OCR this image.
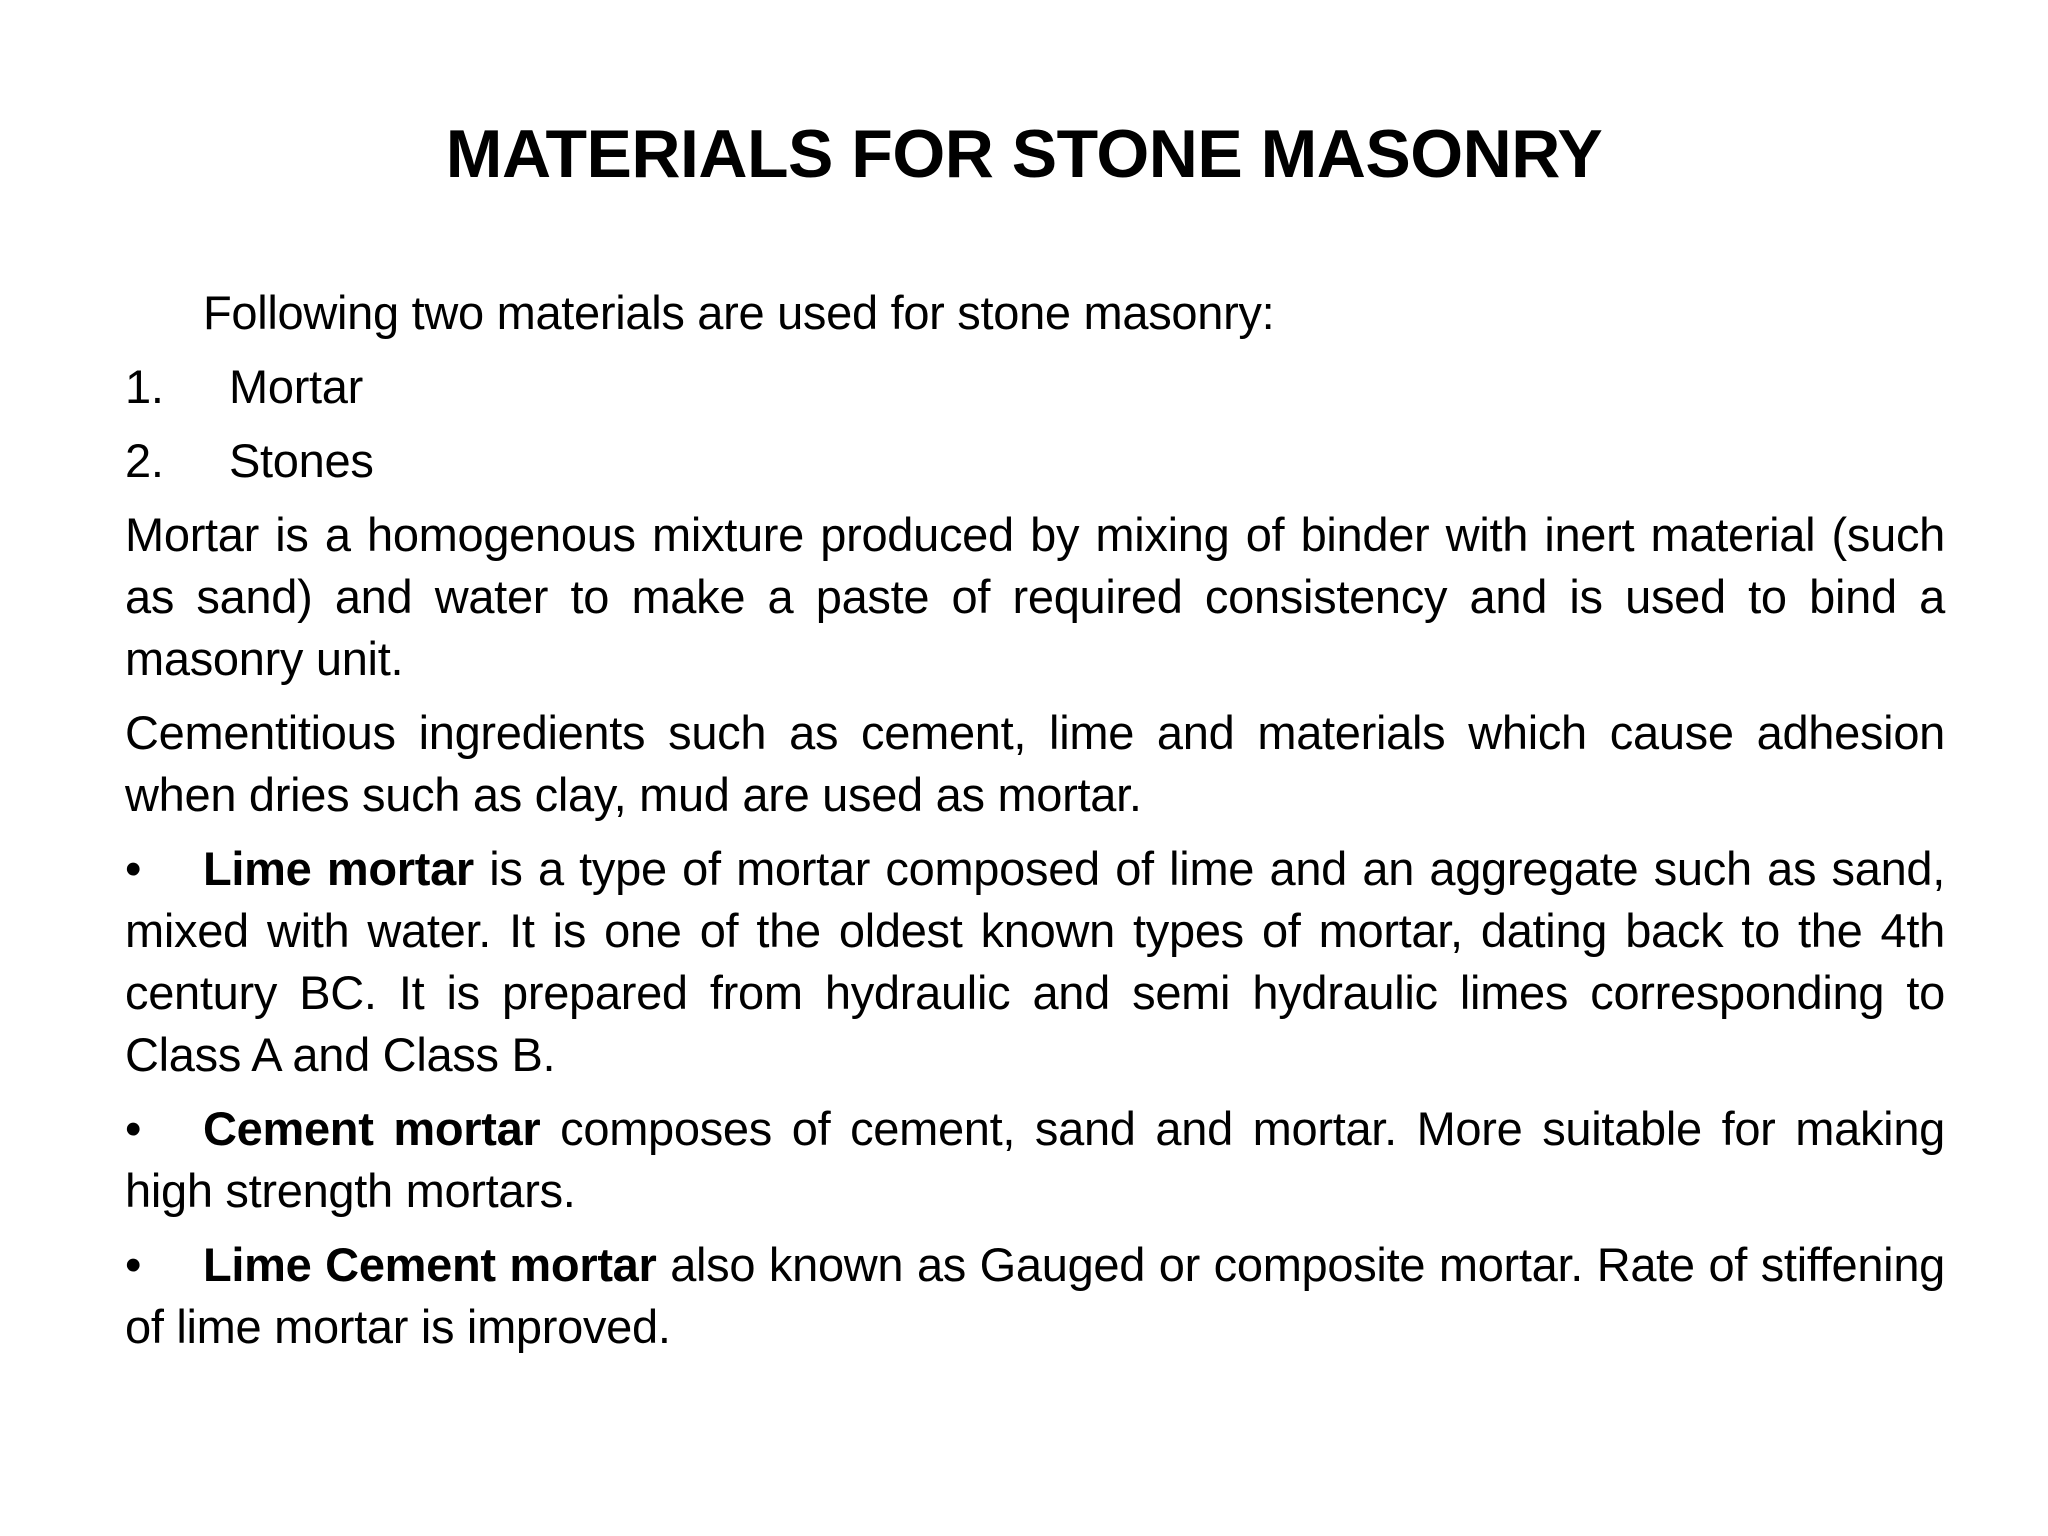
MATERIALS FOR STONE MASONRY

Following two materials are used for stone masonry:

1.	Mortar
2.	Stones

Mortar is a homogenous mixture produced by mixing of binder with inert material (such as sand) and water to make a paste of required consistency and is used to bind a masonry unit.

Cementitious ingredients such as cement, lime and materials which cause adhesion when dries such as clay, mud are used as mortar.

• Lime mortar is a type of mortar composed of lime and an aggregate such as sand, mixed with water. It is one of the oldest known types of mortar, dating back to the 4th century BC. It is prepared from hydraulic and semi hydraulic limes corresponding to Class A and Class B.

• Cement mortar composes of cement, sand and mortar. More suitable for making high strength mortars.

• Lime Cement mortar also known as Gauged or composite mortar. Rate of stiffening of lime mortar is improved.
